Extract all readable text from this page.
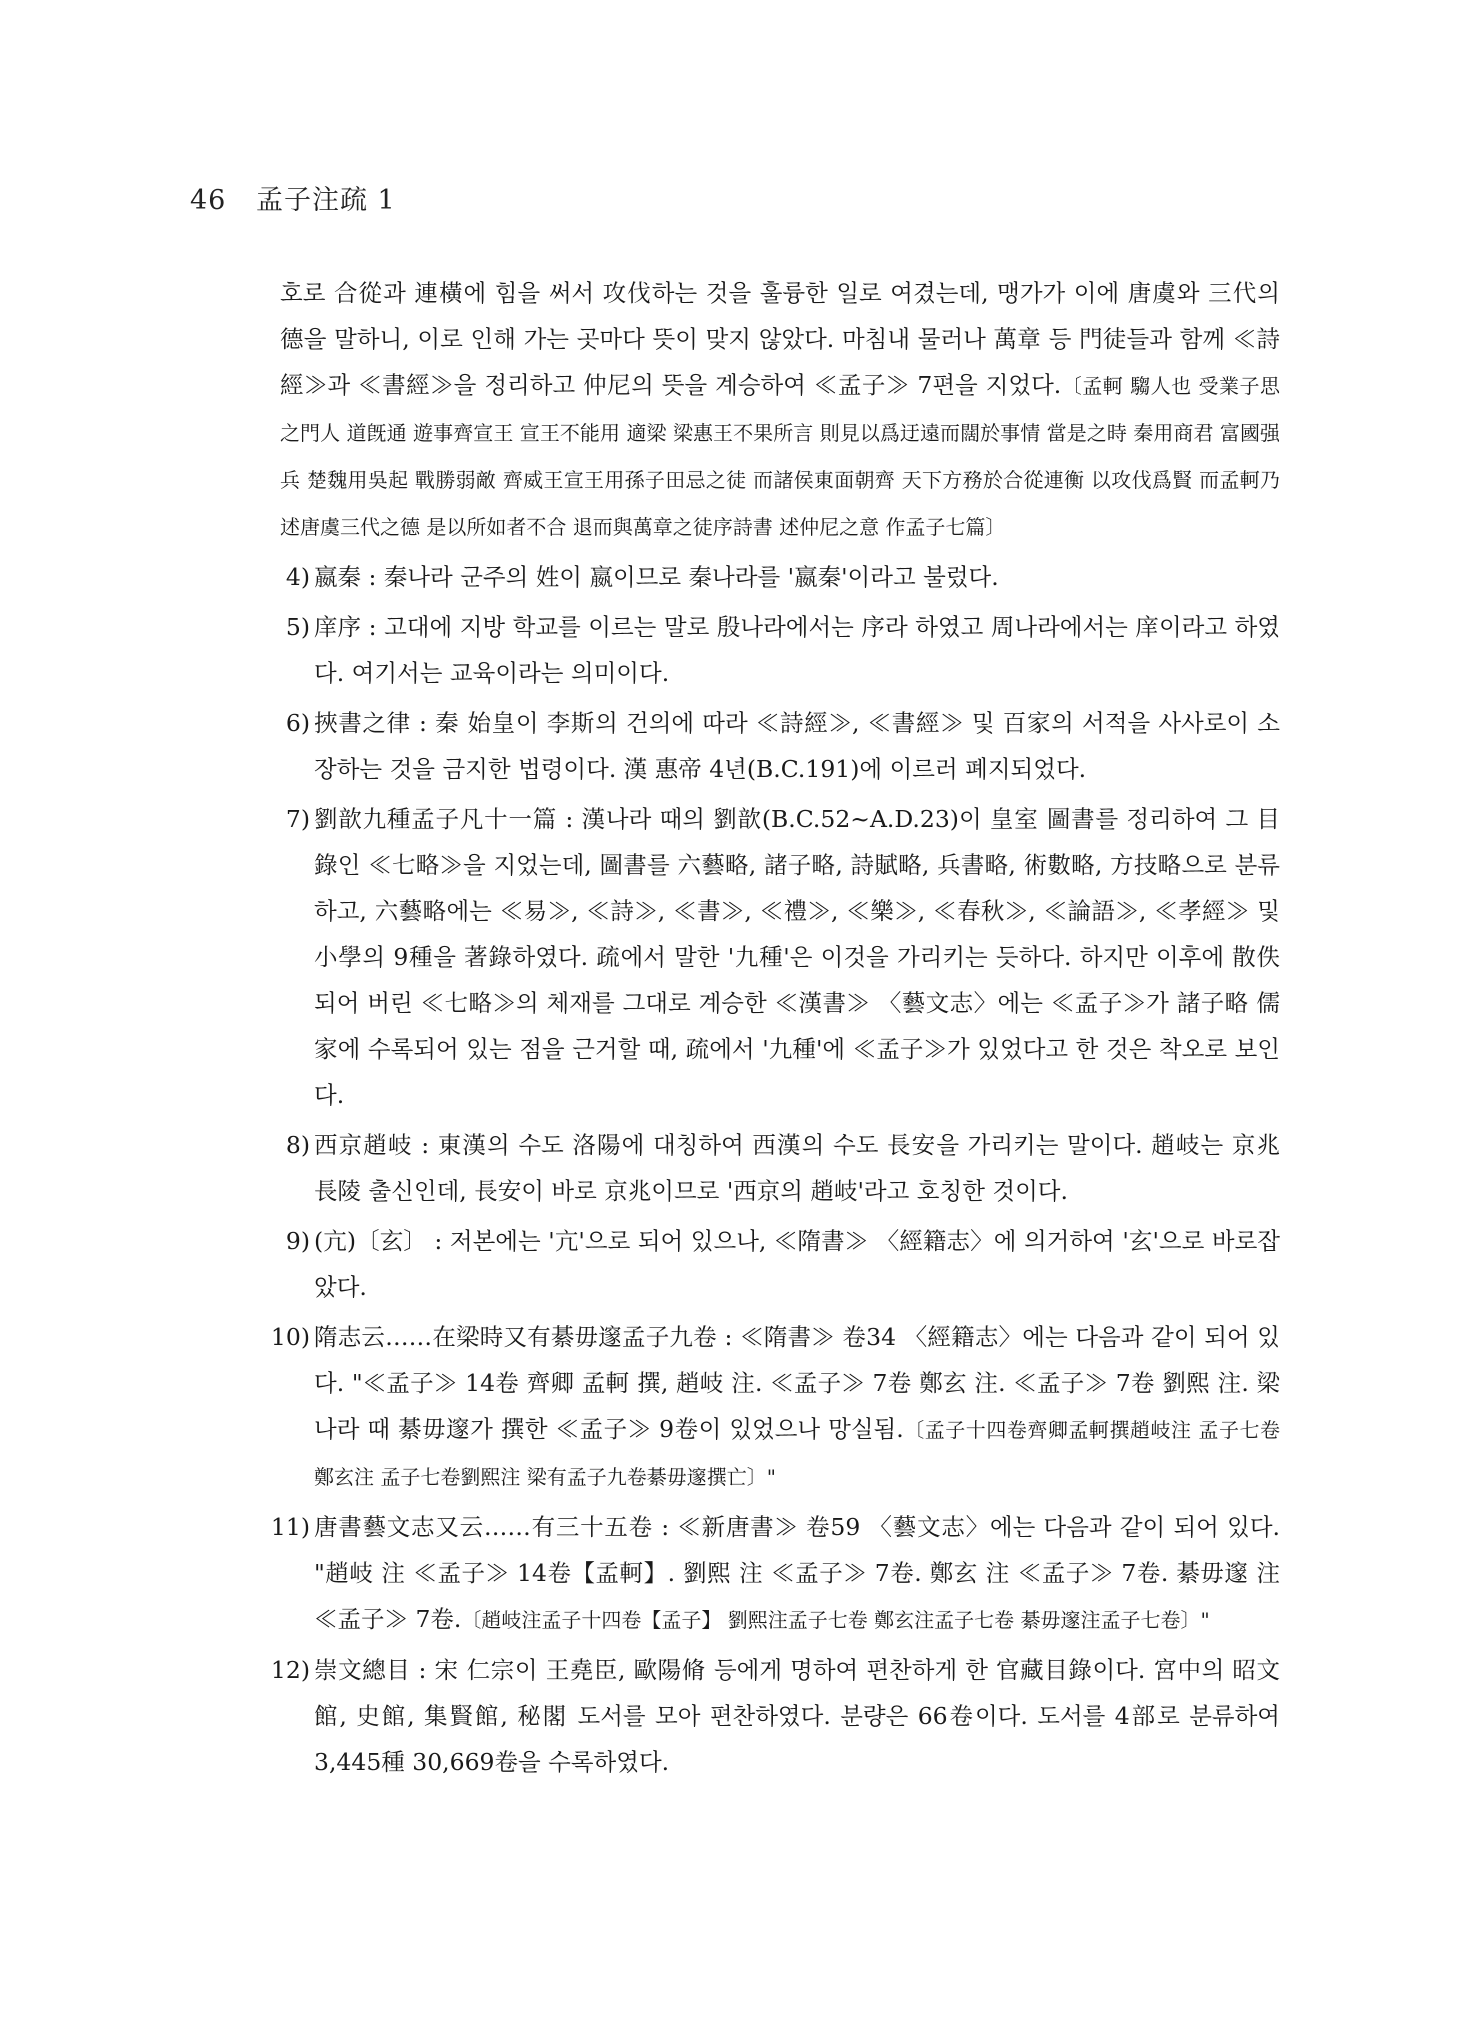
46 孟子注疏 1

호로 合從과 連橫에 힘을 써서 攻伐하는 것을 훌륭한 일로 여겼는데, 맹가가 이에 唐虞와 三代의 德을 말하니, 이로 인해 가는 곳마다 뜻이 맞지 않았다. 마침내 물러나 萬章 등 門徒들과 함께 ≪詩經≫과 ≪書經≫을 정리하고 仲尼의 뜻을 계승하여 ≪孟子≫ 7편을 지었다.〔孟軻 騶人也 受業子思之門人 道旣通 遊事齊宣王 宣王不能用 適梁 梁惠王不果所言 則見以爲迂遠而闊於事情 當是之時 秦用商君 富國强兵 楚魏用吳起 戰勝弱敵 齊威王宣王用孫子田忌之徒 而諸侯東面朝齊 天下方務於合從連衡 以攻伐爲賢 而孟軻乃述唐虞三代之德 是以所如者不合 退而與萬章之徒序詩書 述仲尼之意 作孟子七篇〕

4) 嬴秦 : 秦나라 군주의 姓이 嬴이므로 秦나라를 '嬴秦'이라고 불렀다.
5) 庠序 : 고대에 지방 학교를 이르는 말로 殷나라에서는 序라 하였고 周나라에서는 庠이라고 하였다. 여기서는 교육이라는 의미이다.
6) 挾書之律 : 秦 始皇이 李斯의 건의에 따라 ≪詩經≫, ≪書經≫ 및 百家의 서적을 사사로이 소장하는 것을 금지한 법령이다. 漢 惠帝 4년(B.C.191)에 이르러 폐지되었다.
7) 劉歆九種孟子凡十一篇 : 漢나라 때의 劉歆(B.C.52~A.D.23)이 皇室 圖書를 정리하여 그 目錄인 ≪七略≫을 지었는데, 圖書를 六藝略, 諸子略, 詩賦略, 兵書略, 術數略, 方技略으로 분류하고, 六藝略에는 ≪易≫, ≪詩≫, ≪書≫, ≪禮≫, ≪樂≫, ≪春秋≫, ≪論語≫, ≪孝經≫ 및 小學의 9種을 著錄하였다. 疏에서 말한 '九種'은 이것을 가리키는 듯하다. 하지만 이후에 散佚되어 버린 ≪七略≫의 체재를 그대로 계승한 ≪漢書≫ 〈藝文志〉에는 ≪孟子≫가 諸子略 儒家에 수록되어 있는 점을 근거할 때, 疏에서 '九種'에 ≪孟子≫가 있었다고 한 것은 착오로 보인다.
8) 西京趙岐 : 東漢의 수도 洛陽에 대칭하여 西漢의 수도 長安을 가리키는 말이다. 趙岐는 京兆 長陵 출신인데, 長安이 바로 京兆이므로 '西京의 趙岐'라고 호칭한 것이다.
9) (亢)〔玄〕 : 저본에는 '亢'으로 되어 있으나, ≪隋書≫ 〈經籍志〉에 의거하여 '玄'으로 바로잡았다.
10) 隋志云……在梁時又有綦毋邃孟子九卷 : ≪隋書≫ 卷34 〈經籍志〉에는 다음과 같이 되어 있다. "≪孟子≫ 14卷 齊卿 孟軻 撰, 趙岐 注. ≪孟子≫ 7卷 鄭玄 注. ≪孟子≫ 7卷 劉熙 注. 梁나라 때 綦毋邃가 撰한 ≪孟子≫ 9卷이 있었으나 망실됨.〔孟子十四卷齊卿孟軻撰趙岐注 孟子七卷鄭玄注 孟子七卷劉熙注 梁有孟子九卷綦毋邃撰亡〕"
11) 唐書藝文志又云……有三十五卷 : ≪新唐書≫ 卷59 〈藝文志〉에는 다음과 같이 되어 있다. "趙岐 注 ≪孟子≫ 14卷【孟軻】. 劉熙 注 ≪孟子≫ 7卷. 鄭玄 注 ≪孟子≫ 7卷. 綦毋邃 注 ≪孟子≫ 7卷.〔趙岐注孟子十四卷【孟子】 劉熙注孟子七卷 鄭玄注孟子七卷 綦毋邃注孟子七卷〕"
12) 崇文總目 : 宋 仁宗이 王堯臣, 歐陽脩 등에게 명하여 편찬하게 한 官藏目錄이다. 宮中의 昭文館, 史館, 集賢館, 秘閣 도서를 모아 편찬하였다. 분량은 66卷이다. 도서를 4部로 분류하여 3,445種 30,669卷을 수록하였다.
